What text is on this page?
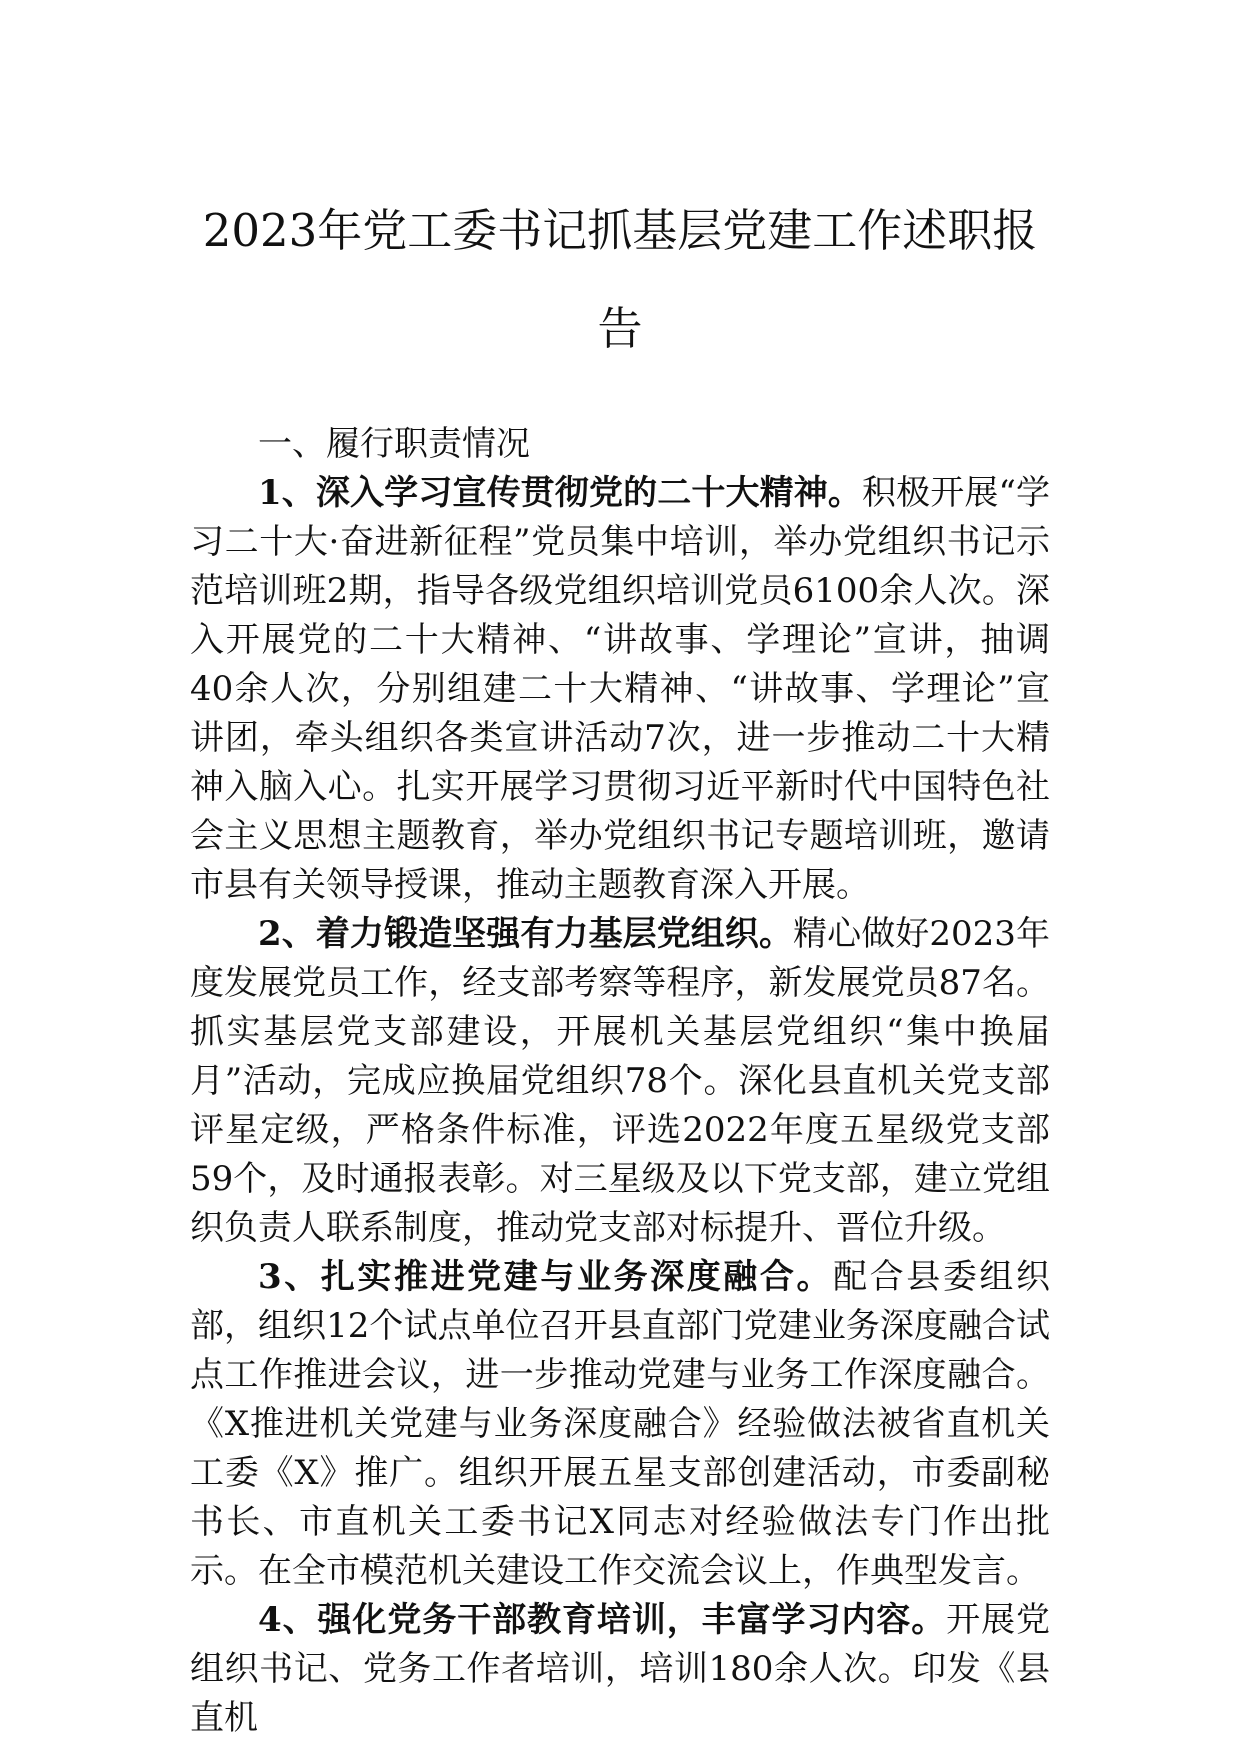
2023年党工委书记抓基层党建工作述职报告

一、履行职责情况

1、深入学习宣传贯彻党的二十大精神。积极开展“学习二十大·奋进新征程”党员集中培训，举办党组织书记示范培训班2期，指导各级党组织培训党员6100余人次。深入开展党的二十大精神、“讲故事、学理论”宣讲，抽调40余人次，分别组建二十大精神、“讲故事、学理论”宣讲团，牵头组织各类宣讲活动7次，进一步推动二十大精神入脑入心。扎实开展学习贯彻习近平新时代中国特色社会主义思想主题教育，举办党组织书记专题培训班，邀请市县有关领导授课，推动主题教育深入开展。

2、着力锻造坚强有力基层党组织。精心做好2023年度发展党员工作，经支部考察等程序，新发展党员87名。抓实基层党支部建设，开展机关基层党组织“集中换届月”活动，完成应换届党组织78个。深化县直机关党支部评星定级，严格条件标准，评选2022年度五星级党支部59个，及时通报表彰。对三星级及以下党支部，建立党组织负责人联系制度，推动党支部对标提升、晋位升级。

3、扎实推进党建与业务深度融合。配合县委组织部，组织12个试点单位召开县直部门党建业务深度融合试点工作推进会议，进一步推动党建与业务工作深度融合。《X推进机关党建与业务深度融合》经验做法被省直机关工委《X》推广。组织开展五星支部创建活动，市委副秘书长、市直机关工委书记X同志对经验做法专门作出批示。在全市模范机关建设工作交流会议上，作典型发言。

4、强化党务干部教育培训，丰富学习内容。开展党组织书记、党务工作者培训，培训180余人次。印发《县直机
